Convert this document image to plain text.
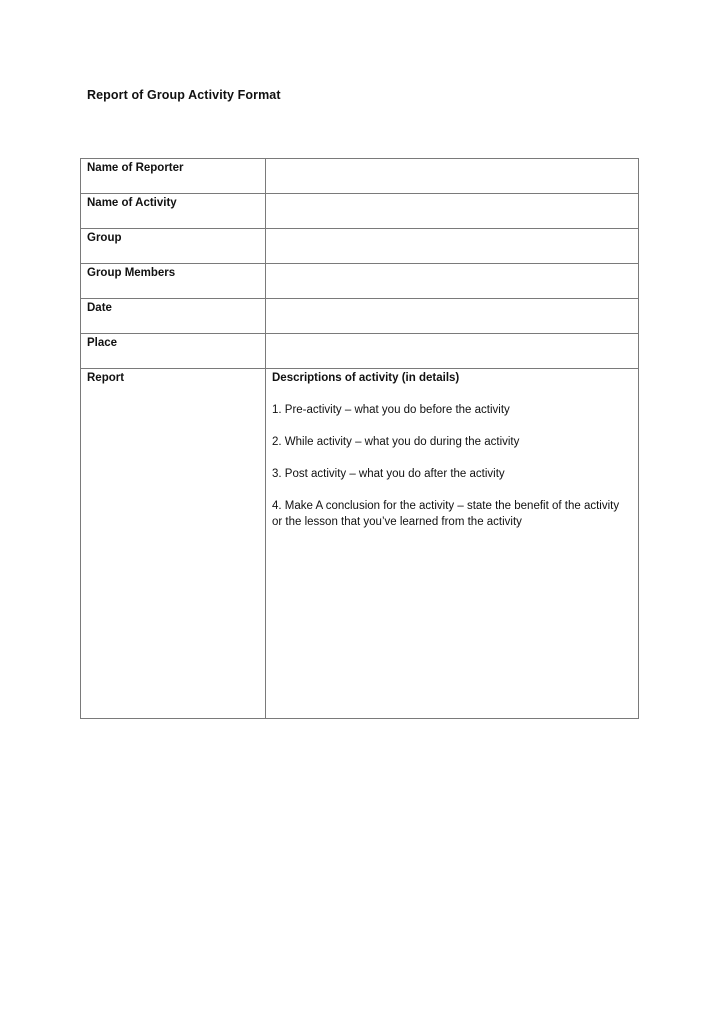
Report of Group Activity Format
Name of Reporter	

Name of Activity	

Group	

Group Members	

Date	

Place	

Report	Descriptions of activity (in details)
1. Pre-activity – what you do before the activity
2. While activity – what you do during the activity
3. Post activity – what you do after the activity
4. Make A conclusion for the activity – state the benefit of the activity or the lesson that you’ve learned from the activity
